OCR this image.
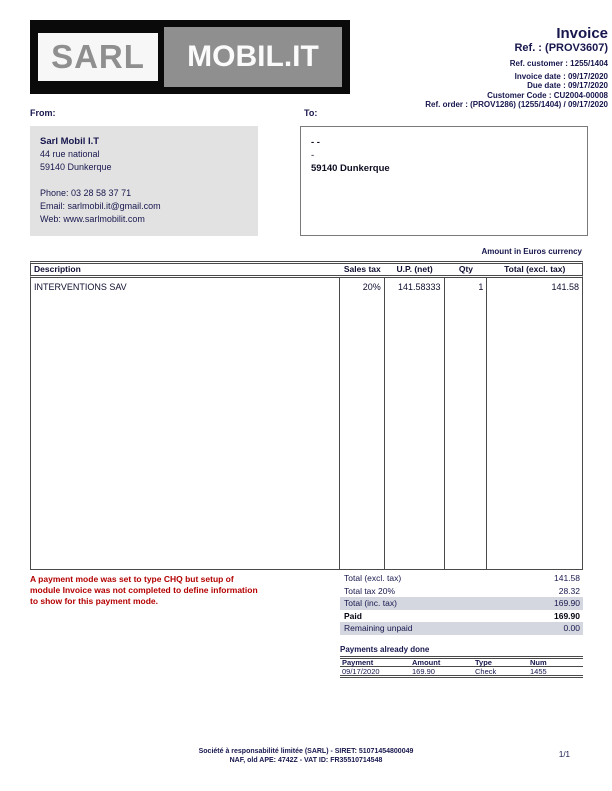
SARL	MOBIL.IT
Invoice
Ref. : (PROV3607)
Ref. customer : 1255/1404
Invoice date : 09/17/2020
Due date : 09/17/2020
Customer Code : CU2004-00008
Ref. order : (PROV1286) (1255/1404) / 09/17/2020
From:
Sarl Mobil I.T
44 rue national
59140 Dunkerque
Phone: 03 28 58 37 71
Email: sarlmobil.it@gmail.com
Web: www.sarlmobilit.com
To:
- -
-
59140 Dunkerque
Amount in Euros currency
Description	Sales tax	U.P. (net)	Qty	Total (excl. tax)
INTERVENTIONS SAV	20%	141.58333	1	141.58
A payment mode was set to type CHQ but setup of
module Invoice was not completed to define information
to show for this payment mode.
Total (excl. tax)	141.58
Total tax 20%	28.32
Total (inc. tax)	169.90
Paid	169.90
Remaining unpaid	0.00
Payments already done
Payment	Amount	Type	Num
09/17/2020	169.90	Check	1455
Société à responsabilité limitée (SARL) - SIRET: 51071454800049
NAF, old APE: 4742Z - VAT ID: FR35510714548
1/1
